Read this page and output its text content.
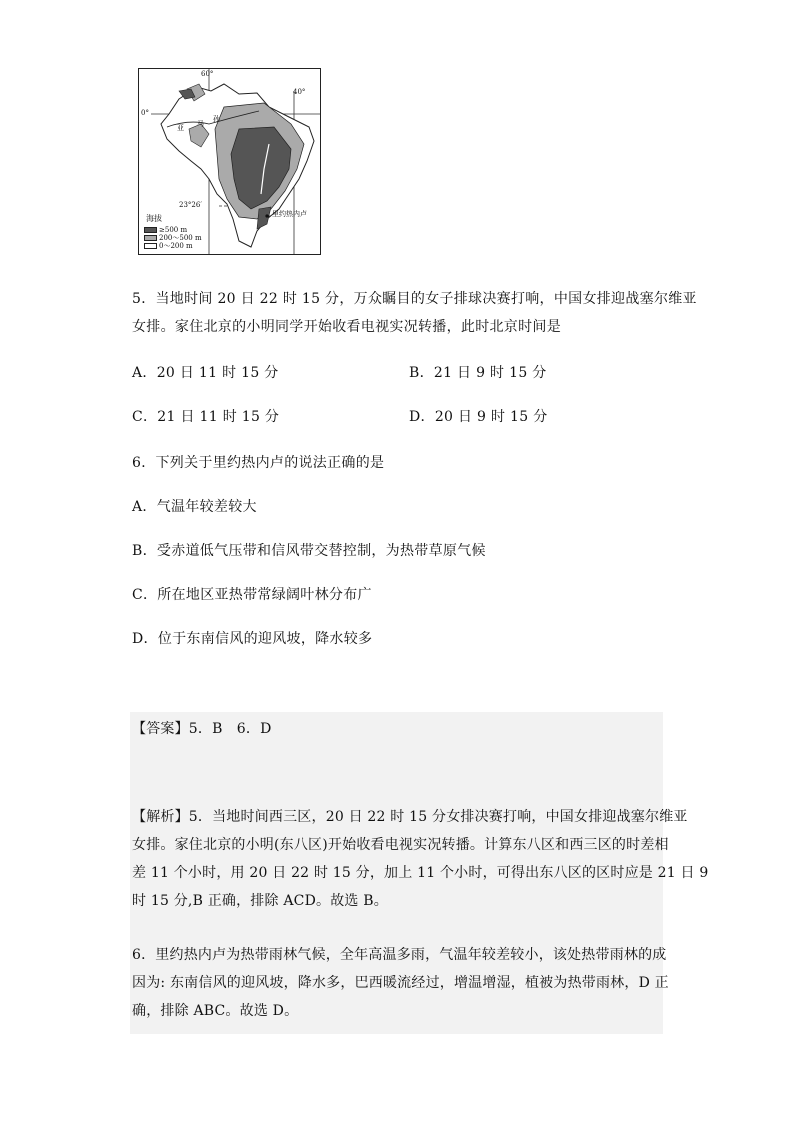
60°
40°
0°
23°26′
亚 马
孙
里约热内卢
海拔
≥500 m
200～500 m
0～200 m
5．当地时间 20 日 22 时 15 分，万众瞩目的女子排球决赛打响，中国女排迎战塞尔维亚
女排。家住北京的小明同学开始收看电视实况转播，此时北京时间是
A．20 日 11 时 15 分	B．21 日 9 时 15 分
C．21 日 11 时 15 分	D．20 日 9 时 15 分
6．下列关于里约热内卢的说法正确的是
A．气温年较差较大
B．受赤道低气压带和信风带交替控制，为热带草原气候
C．所在地区亚热带常绿阔叶林分布广
D．位于东南信风的迎风坡，降水较多
【答案】5．B　6．D
【解析】5．当地时间西三区，20 日 22 时 15 分女排决赛打响，中国女排迎战塞尔维亚
女排。家住北京的小明(东八区)开始收看电视实况转播。计算东八区和西三区的时差相
差 11 个小时，用 20 日 22 时 15 分，加上 11 个小时，可得出东八区的区时应是 21 日 9
时 15 分,B 正确，排除 ACD。故选 B。
6．里约热内卢为热带雨林气候，全年高温多雨，气温年较差较小，该处热带雨林的成
因为: 东南信风的迎风坡，降水多，巴西暖流经过，增温增湿，植被为热带雨林，D 正
确，排除 ABC。故选 D。
